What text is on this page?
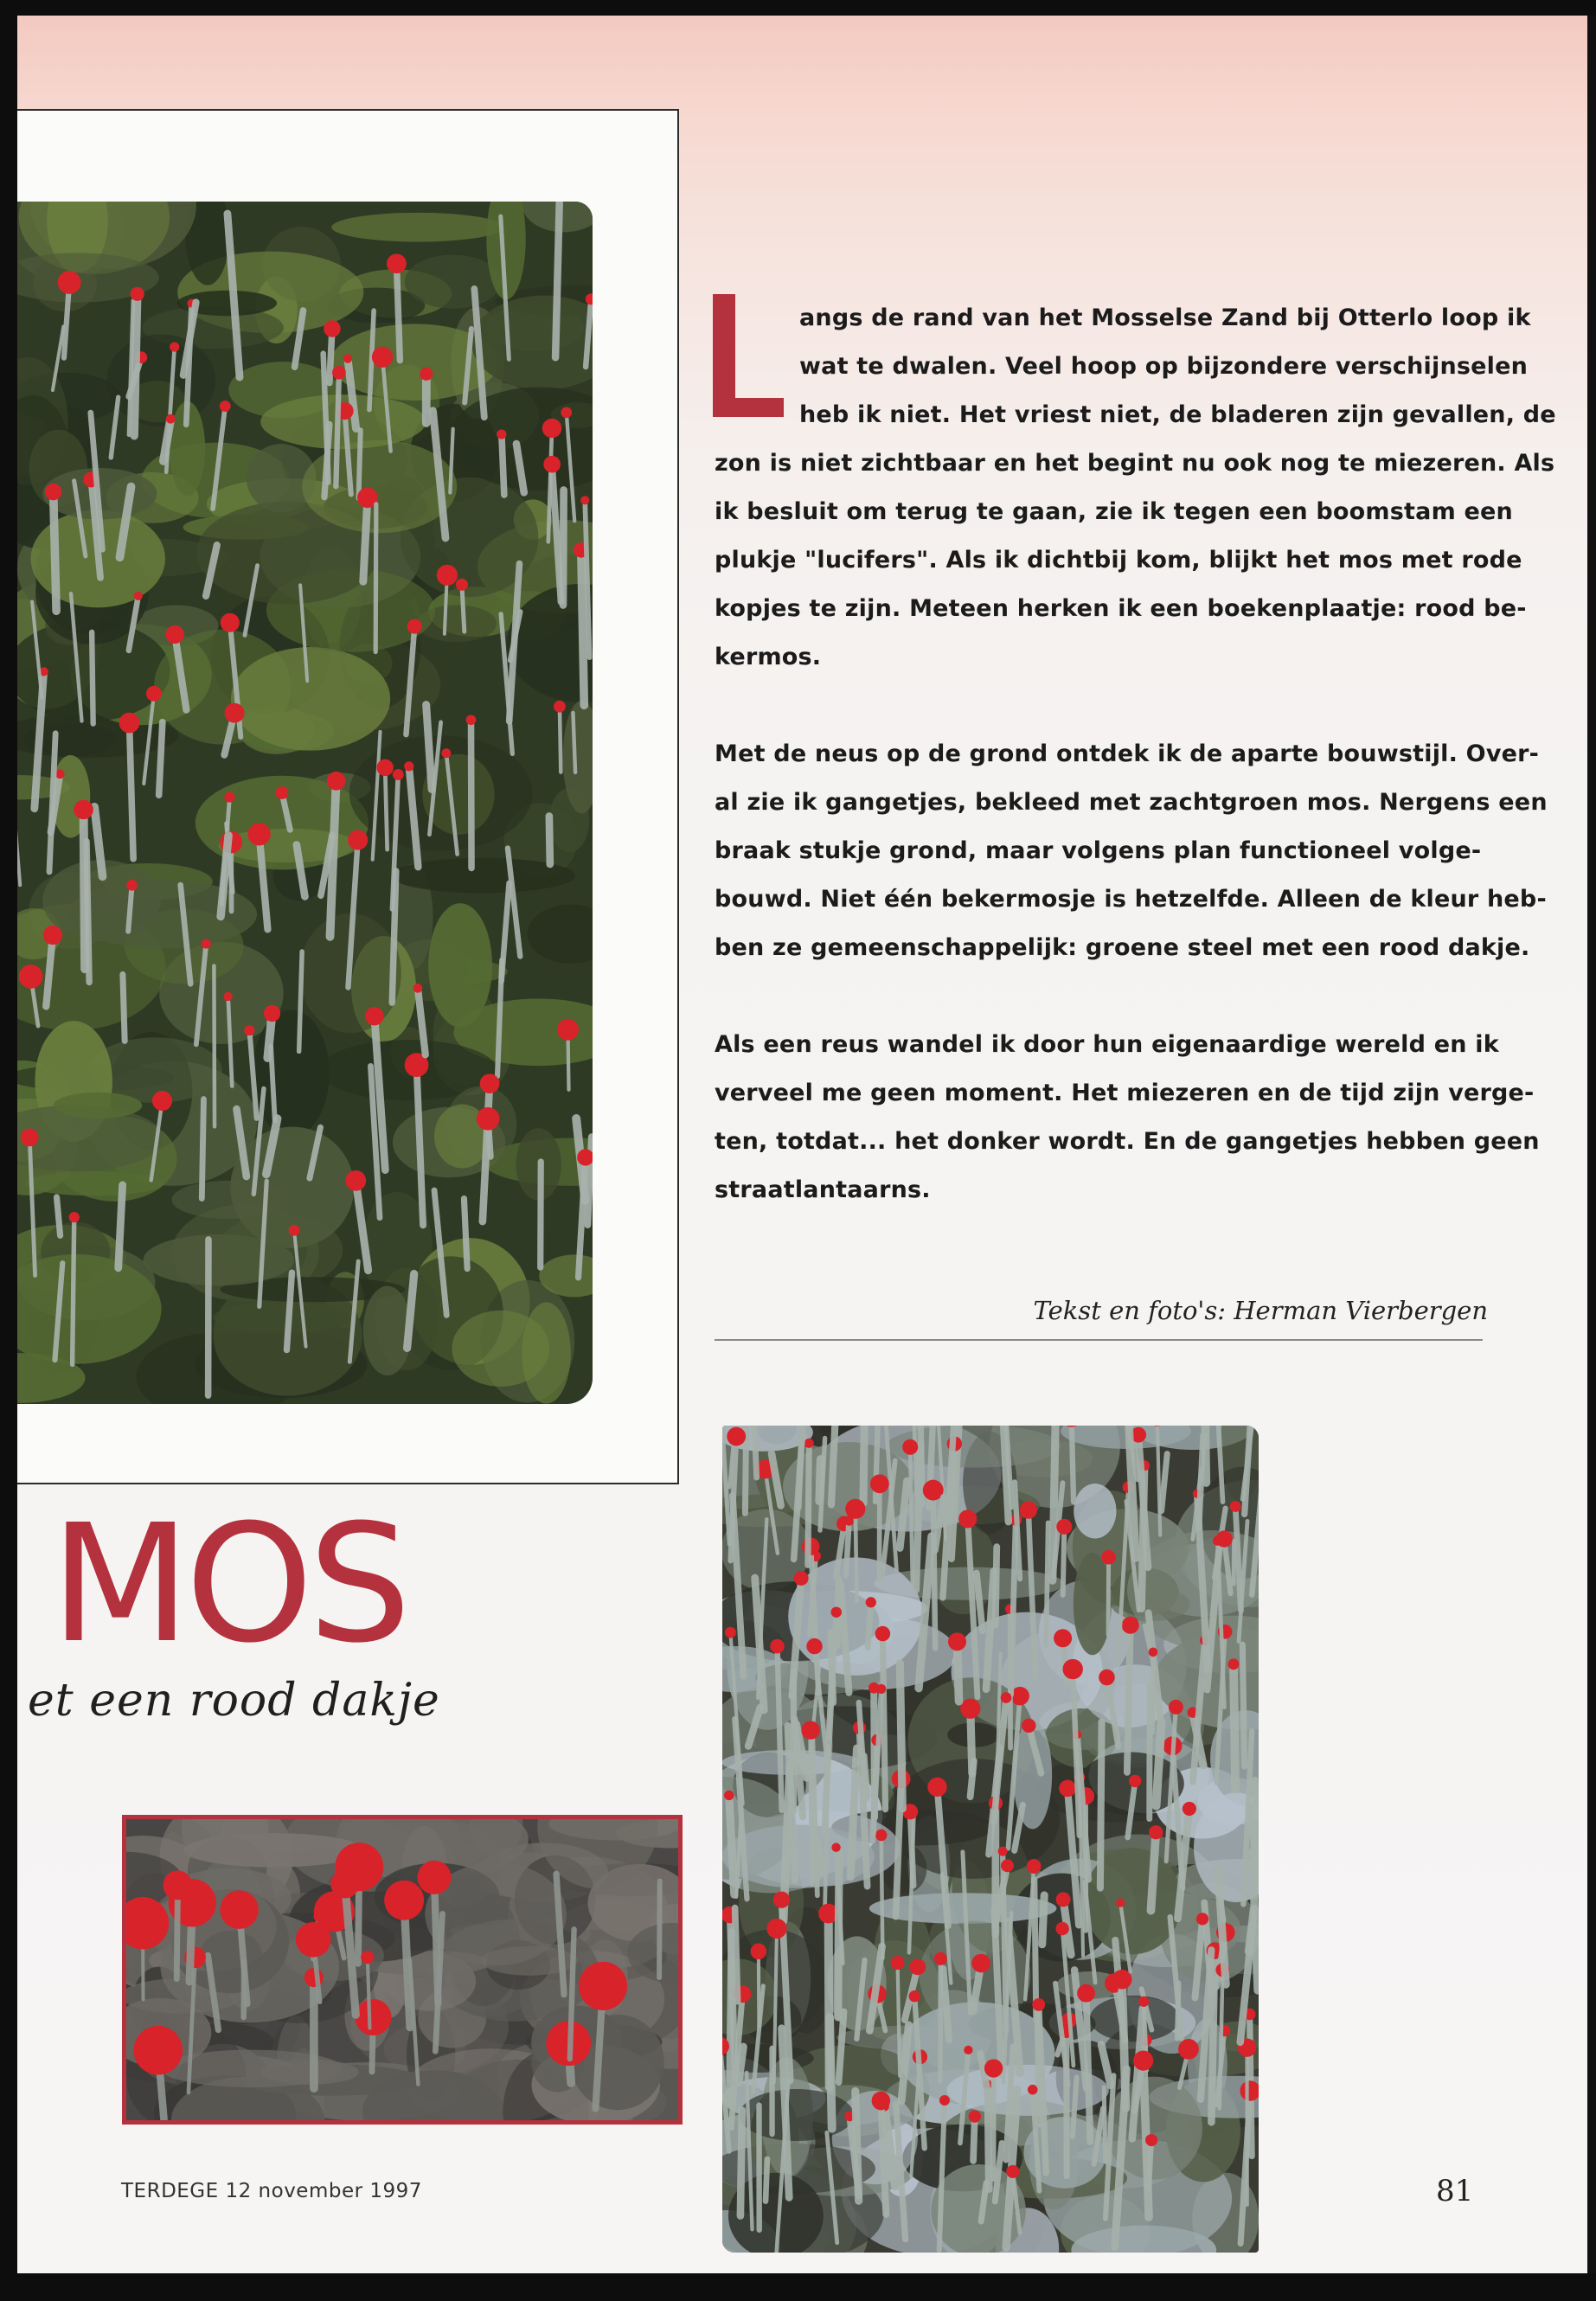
angs de rand van het Mosselse Zand bij Otterlo loop ik
wat te dwalen. Veel hoop op bijzondere verschijnselen
heb ik niet. Het vriest niet, de bladeren zijn gevallen, de
zon is niet zichtbaar en het begint nu ook nog te miezeren. Als
ik besluit om terug te gaan, zie ik tegen een boomstam een
plukje "lucifers". Als ik dichtbij kom, blijkt het mos met rode
kopjes te zijn. Meteen herken ik een boekenplaatje: rood be-
kermos.
Met de neus op de grond ontdek ik de aparte bouwstijl. Over-
al zie ik gangetjes, bekleed met zachtgroen mos. Nergens een
braak stukje grond, maar volgens plan functioneel volge-
bouwd. Niet één bekermosje is hetzelfde. Alleen de kleur heb-
ben ze gemeenschappelijk: groene steel met een rood dakje.
Als een reus wandel ik door hun eigenaardige wereld en ik
verveel me geen moment. Het miezeren en de tijd zijn verge-
ten, totdat... het donker wordt. En de gangetjes hebben geen
straatlantaarns.
Tekst en foto's: Herman Vierbergen
MOS
et een rood dakje
TERDEGE 12 november 1997	81
